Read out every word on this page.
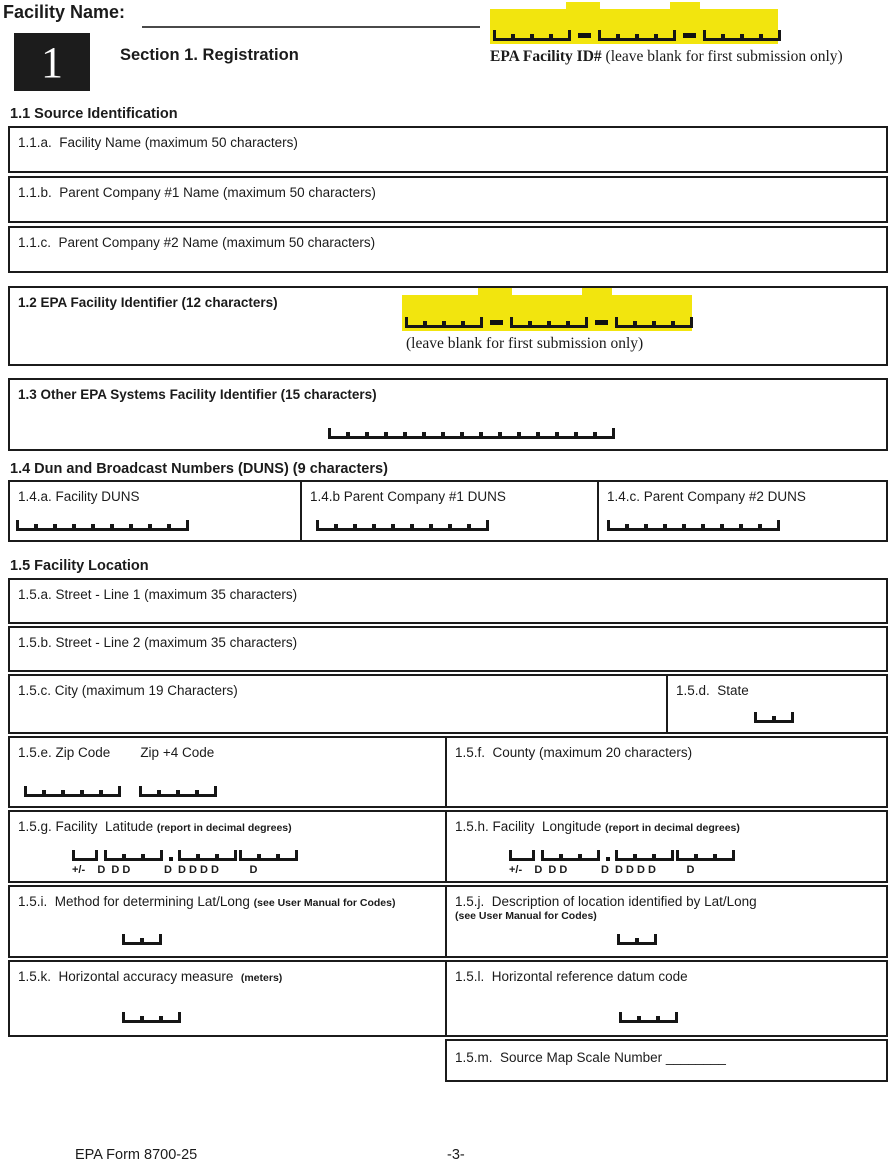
Facility Name:
EPA Facility ID# (leave blank for first submission only)
1	Section 1. Registration
1.1 Source Identification
1.1.a.  Facility Name (maximum 50 characters)
1.1.b.  Parent Company #1 Name (maximum 50 characters)
1.1.c.  Parent Company #2 Name (maximum 50 characters)
1.2 EPA Facility Identifier (12 characters)
(leave blank for first submission only)
1.3 Other EPA Systems Facility Identifier (15 characters)
1.4 Dun and Broadcast Numbers (DUNS) (9 characters)
1.4.a. Facility DUNS	1.4.b Parent Company #1 DUNS	1.4.c. Parent Company #2 DUNS
1.5 Facility Location
1.5.a. Street - Line 1 (maximum 35 characters)
1.5.b. Street - Line 2 (maximum 35 characters)
1.5.c. City (maximum 19 Characters)	1.5.d.  State
1.5.e. Zip Code Zip +4 Code	1.5.f.  County (maximum 20 characters)
1.5.g. Facility  Latitude (report in decimal degrees)
+/-    D  D D           D  D D D D          D
1.5.h. Facility  Longitude (report in decimal degrees)
+/-    D  D D           D  D D D D          D
1.5.i.  Method for determining Lat/Long (see User Manual for Codes)	1.5.j.  Description of location identified by Lat/Long
(see User Manual for Codes)
1.5.k.  Horizontal accuracy measure  (meters)	1.5.l.  Horizontal reference datum code
1.5.m.  Source Map Scale Number ________
EPA Form 8700-25	-3-
